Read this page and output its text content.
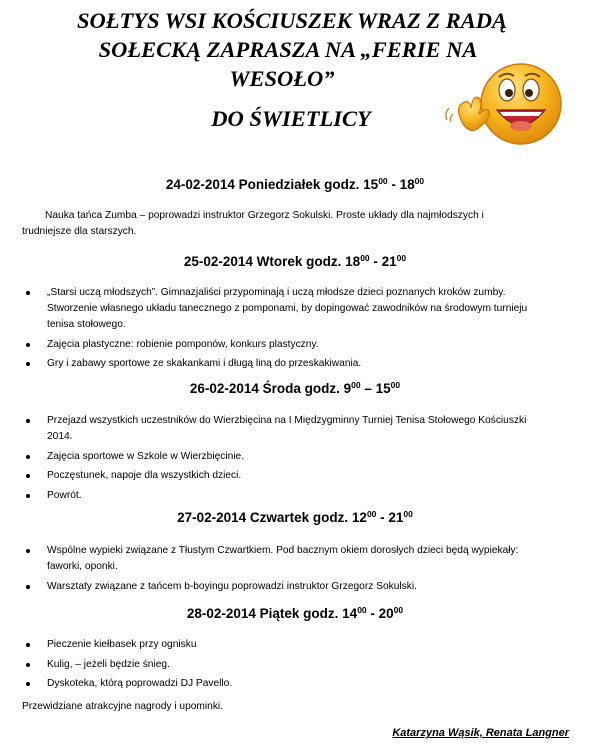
SOŁTYS WSI KOŚCIUSZEK WRAZ Z RADĄ
SOŁECKĄ ZAPRASZA NA „FERIE NA
WESOŁO”
DO ŚWIETLICY
24-02-2014 Poniedziałek godz. $15^{00} - 18^{00}$
Nauka tańca Zumba – poprowadzi instruktor Grzegorz Sokulski. Proste układy dla najmłodszych i
trudniejsze dla starszych.
25-02-2014 Wtorek godz. $18^{00} - 21^{00}$
„Starsi uczą młodszych”. Gimnazjaliści przypominają i uczą młodsze dzieci poznanych kroków zumby.
Stworzenie własnego układu tanecznego z pomponami, by dopingować zawodników na środowym turnieju
tenisa stołowego.
Zajęcia plastyczne: robienie pomponów, konkurs plastyczny.
Gry i zabawy sportowe ze skakankami i długą liną do przeskakiwania.
26-02-2014 Środa godz. $9^{00} - 15^{00}$
Przejazd wszystkich uczestników do Wierzbięcina na I Międzygminny Turniej Tenisa Stołowego Kościuszki
2014.
Zajęcia sportowe w Szkole w Wierzbięcinie.
Poczęstunek, napoje dla wszystkich dzieci.
Powrót.
27-02-2014 Czwartek godz. $12^{00} - 21^{00}$
Wspólne wypieki związane z Tłustym Czwartkiem. Pod bacznym okiem dorosłych dzieci będą wypiekały:
faworki, oponki.
Warsztaty związane z tańcem b-boyingu poprowadzi instruktor Grzegorz Sokulski.
28-02-2014 Piątek godz. $14^{00} - 20^{00}$
Pieczenie kiełbasek przy ognisku
Kulig, – jeżeli będzie śnieg.
Dyskoteka, którą poprowadzi DJ Pavello.
Przewidziane atrakcyjne nagrody i upominki.
Katarzyna Wąsik, Renata Langner
